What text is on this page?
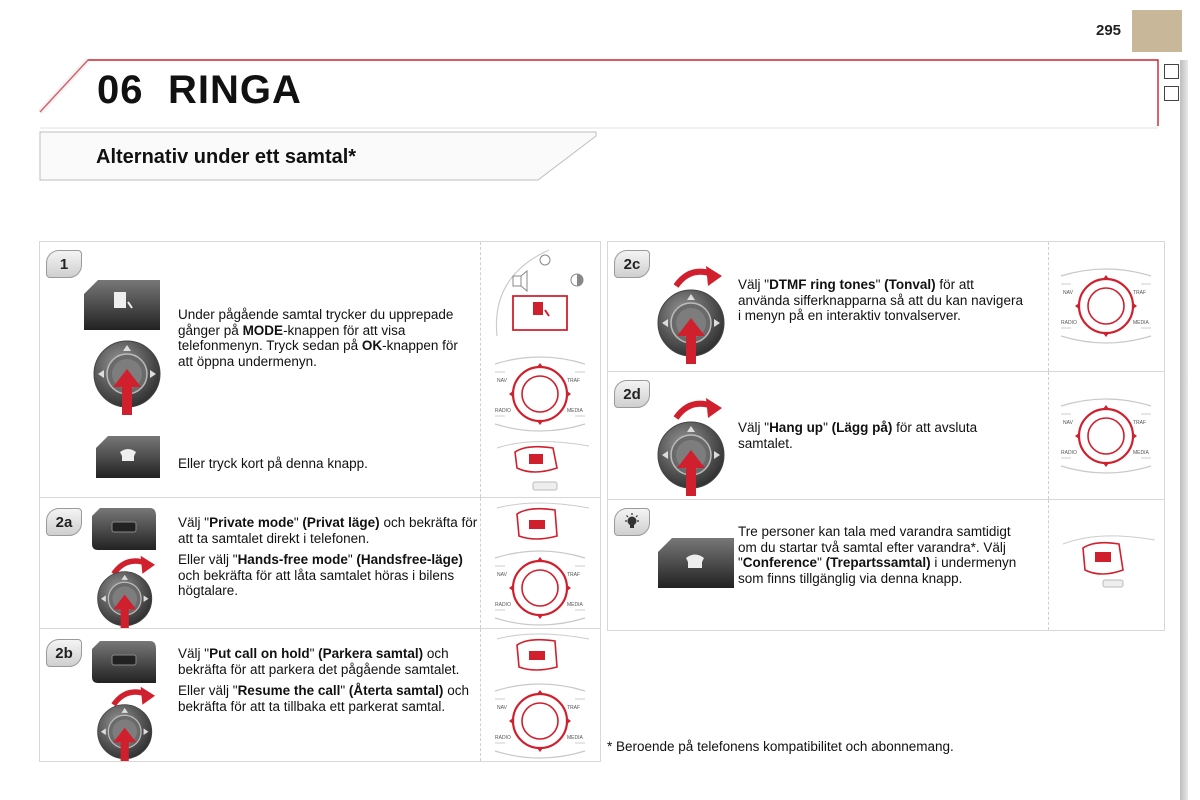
295
06 RINGA
Alternativ under ett samtal*
1
Under pågående samtal trycker du upprepade gånger på MODE-knappen för att visa telefonmenyn. Tryck sedan på OK-knappen för att öppna undermenyn.
Eller tryck kort på denna knapp.
NAV	TRAF
RADIO	MEDIA
2a	Välj "Private mode" (Privat läge) och bekräfta för att ta samtalet direkt i telefonen.
Eller välj "Hands-free mode" (Handsfree-läge) och bekräfta för att låta samtalet höras i bilens högtalare.
NAV	TRAF
RADIO	MEDIA
2b	Välj "Put call on hold" (Parkera samtal) och bekräfta för att parkera det pågående samtalet.
Eller välj "Resume the call" (Återta samtal) och bekräfta för att ta tillbaka ett parkerat samtal.	NAV	TRAF
RADIO	MEDIA
2c
Välj "DTMF ring tones" (Tonval) för att använda sifferknapparna så att du kan navigera i menyn på en interaktiv tonvalserver.
NAV	TRAF
RADIO	MEDIA
2d
Välj "Hang up" (Lägg på) för att avsluta samtalet.
NAV	TRAF
RADIO	MEDIA
Tre personer kan tala med varandra samtidigt om du startar två samtal efter varandra*. Välj "Conference" (Trepartssamtal) i undermenyn som finns tillgänglig via denna knapp.
* Beroende på telefonens kompatibilitet och abonnemang.
